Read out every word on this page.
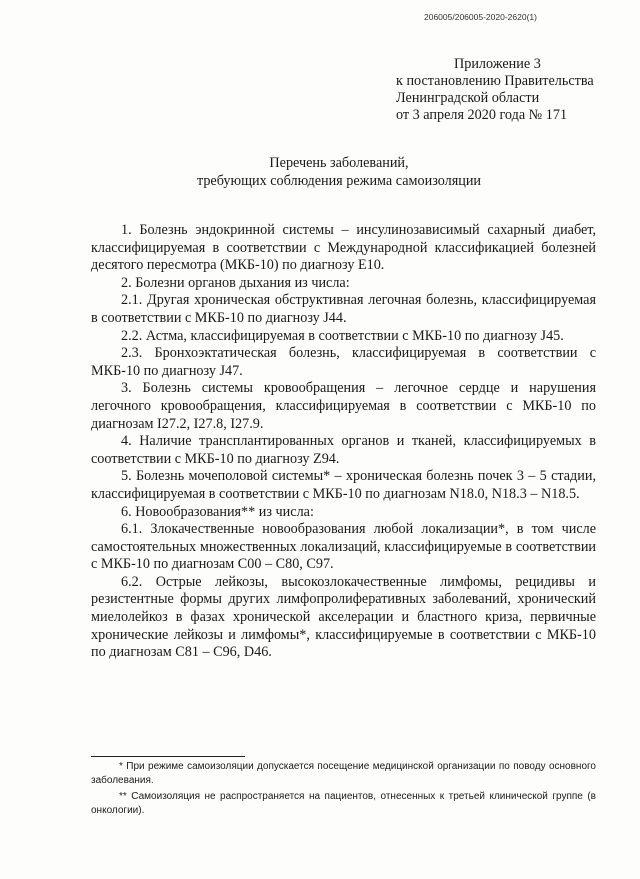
206005/206005-2020-2620(1)
Приложение 3
к постановлению Правительства
Ленинградской области
от 3 апреля 2020 года № 171
Перечень заболеваний,
требующих соблюдения режима самоизоляции

1. Болезнь эндокринной системы – инсулинозависимый сахарный диабет, классифицируемая в соответствии с Международной классификацией болезней десятого пересмотра (МКБ-10) по диагнозу Е10.

2. Болезни органов дыхания из числа:

2.1. Другая хроническая обструктивная легочная болезнь, классифицируемая в соответствии с МКБ-10 по диагнозу J44.

2.2. Астма, классифицируемая в соответствии с МКБ-10 по диагнозу J45.

2.3. Бронхоэктатическая болезнь, классифицируемая в соответствии с МКБ-10 по диагнозу J47.

3. Болезнь системы кровообращения – легочное сердце и нарушения легочного кровообращения, классифицируемая в соответствии с МКБ-10 по диагнозам I27.2, I27.8, I27.9.

4. Наличие трансплантированных органов и тканей, классифицируемых в соответствии с МКБ-10 по диагнозу Z94.

5. Болезнь мочеполовой системы* – хроническая болезнь почек 3 – 5 стадии, классифицируемая в соответствии с МКБ-10 по диагнозам N18.0, N18.3 – N18.5.

6. Новообразования** из числа:

6.1. Злокачественные новообразования любой локализации*, в том числе самостоятельных множественных локализаций, классифицируемые в соответствии с МКБ-10 по диагнозам С00 – С80, С97.

6.2. Острые лейкозы, высокозлокачественные лимфомы, рецидивы и резистентные формы других лимфопролиферативных заболеваний, хронический миелолейкоз в фазах хронической акселерации и бластного криза, первичные хронические лейкозы и лимфомы*, классифицируемые в соответствии с МКБ-10 по диагнозам С81 – С96, D46.

* При режиме самоизоляции допускается посещение медицинской организации по поводу основного заболевания.

** Самоизоляция не распространяется на пациентов, отнесенных к третьей клинической группе (в онкологии).
